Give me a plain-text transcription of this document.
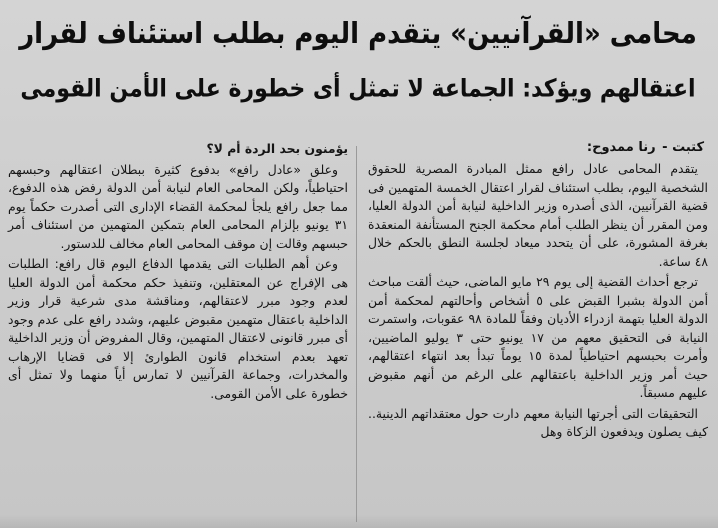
محامى «القرآنيين» يتقدم اليوم بطلب استئناف لقرار
اعتقالهم ويؤكد: الجماعة لا تمثل أى خطورة على الأمن القومى
كتبت - رنا ممدوح:

يتقدم المحامى عادل رافع ممثل المبادرة المصرية للحقوق الشخصية اليوم، بطلب استئناف لقرار اعتقال الخمسة المتهمين فى قضية القرآنيين، الذى أصدره وزير الداخلية لنيابة أمن الدولة العليا، ومن المقرر أن ينظر الطلب أمام محكمة الجنح المستأنفة المنعقدة بغرفة المشورة، على أن يتحدد ميعاد لجلسة النطق بالحكم خلال ٤٨ ساعة.

ترجع أحداث القضية إلى يوم ٢٩ مايو الماضى، حيث ألقت مباحث أمن الدولة بشبرا القبض على ٥ أشخاص وأحالتهم لمحكمة أمن الدولة العليا بتهمة ازدراء الأديان وفقاً للمادة ٩٨ عقوبات، واستمرت النيابة فى التحقيق معهم من ١٧ يونيو حتى ٣ يوليو الماضيين، وأمرت بحبسهم احتياطياً لمدة ١٥ يوماً تبدأ بعد انتهاء اعتقالهم، حيث أمر وزير الداخلية باعتقالهم على الرغم من أنهم مقبوض عليهم مسبقاً.

التحقيقات التى أجرتها النيابة معهم دارت حول معتقداتهم الدينية.. كيف يصلون ويدفعون الزكاة وهل

يؤمنون بحد الردة أم لا؟

وعلق «عادل رافع» بدفوع كثيرة ببطلان اعتقالهم وحبسهم احتياطياً، ولكن المحامى العام لنيابة أمن الدولة رفض هذه الدفوع، مما جعل رافع يلجأ لمحكمة القضاء الإدارى التى أصدرت حكماً يوم ٣١ يونيو بإلزام المحامى العام بتمكين المتهمين من استئناف أمر حبسهم وقالت إن موقف المحامى العام مخالف للدستور.

وعن أهم الطلبات التى يقدمها الدفاع اليوم قال رافع: الطلبات هى الإفراج عن المعتقلين، وتنفيذ حكم محكمة أمن الدولة العليا لعدم وجود مبرر لاعتقالهم، ومناقشة مدى شرعية قرار وزير الداخلية باعتقال متهمين مقبوض عليهم، وشدد رافع على عدم وجود أى مبرر قانونى لاعتقال المتهمين، وقال المفروض أن وزير الداخلية تعهد بعدم استخدام قانون الطوارئ إلا فى قضايا الإرهاب والمخدرات، وجماعة القرآنيين لا تمارس أياً منهما ولا تمثل أى خطورة على الأمن القومى.
